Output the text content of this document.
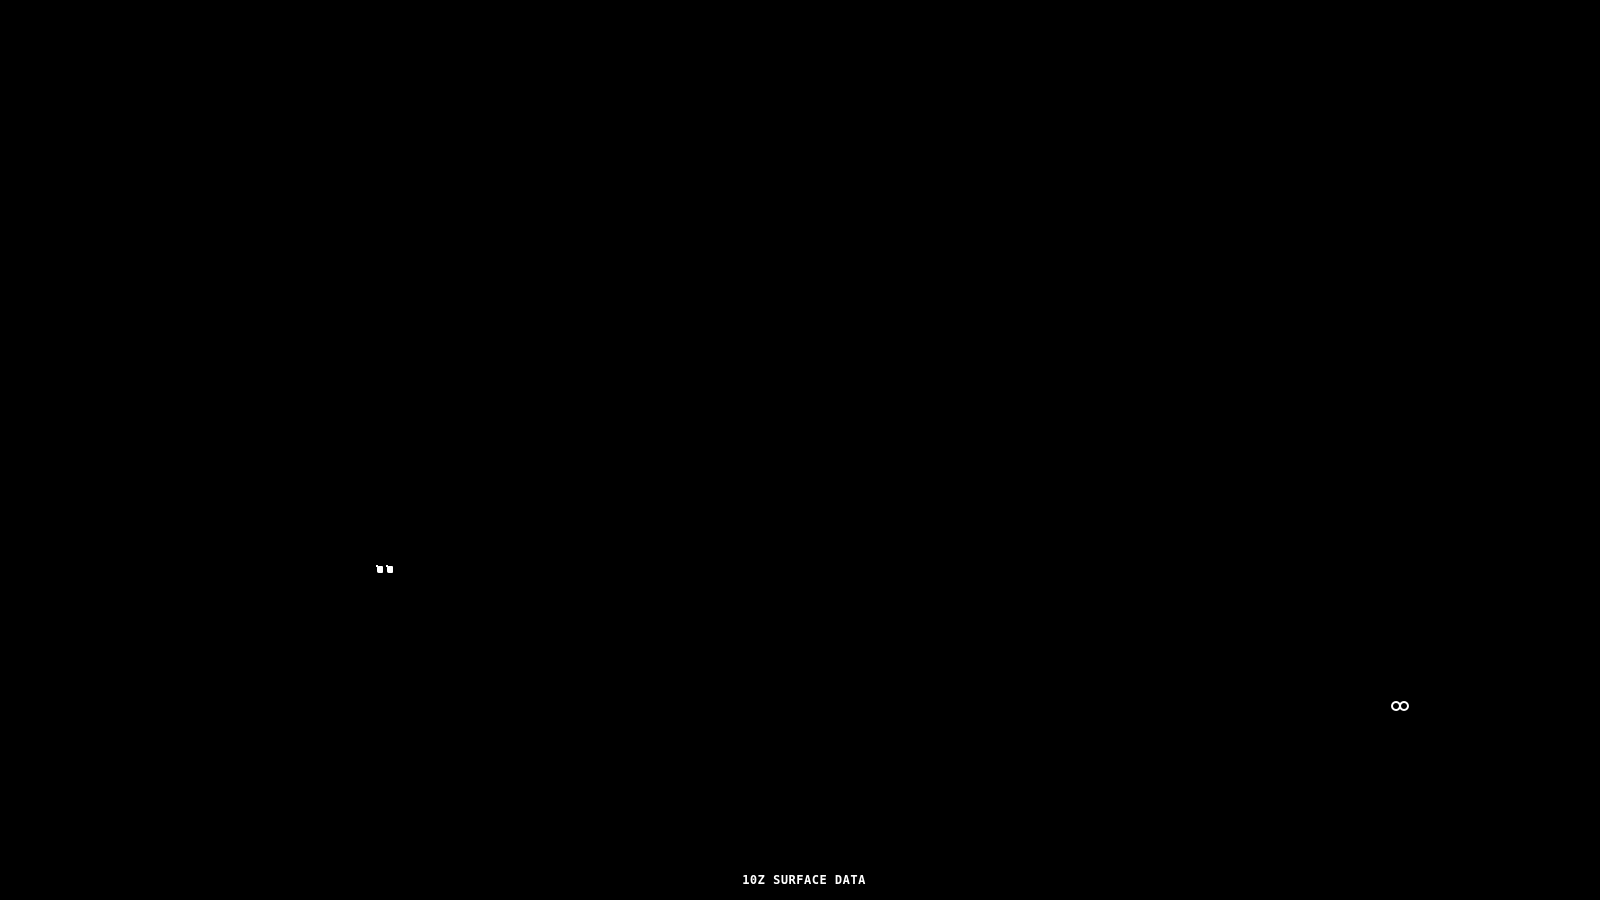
10Z SURFACE DATA
